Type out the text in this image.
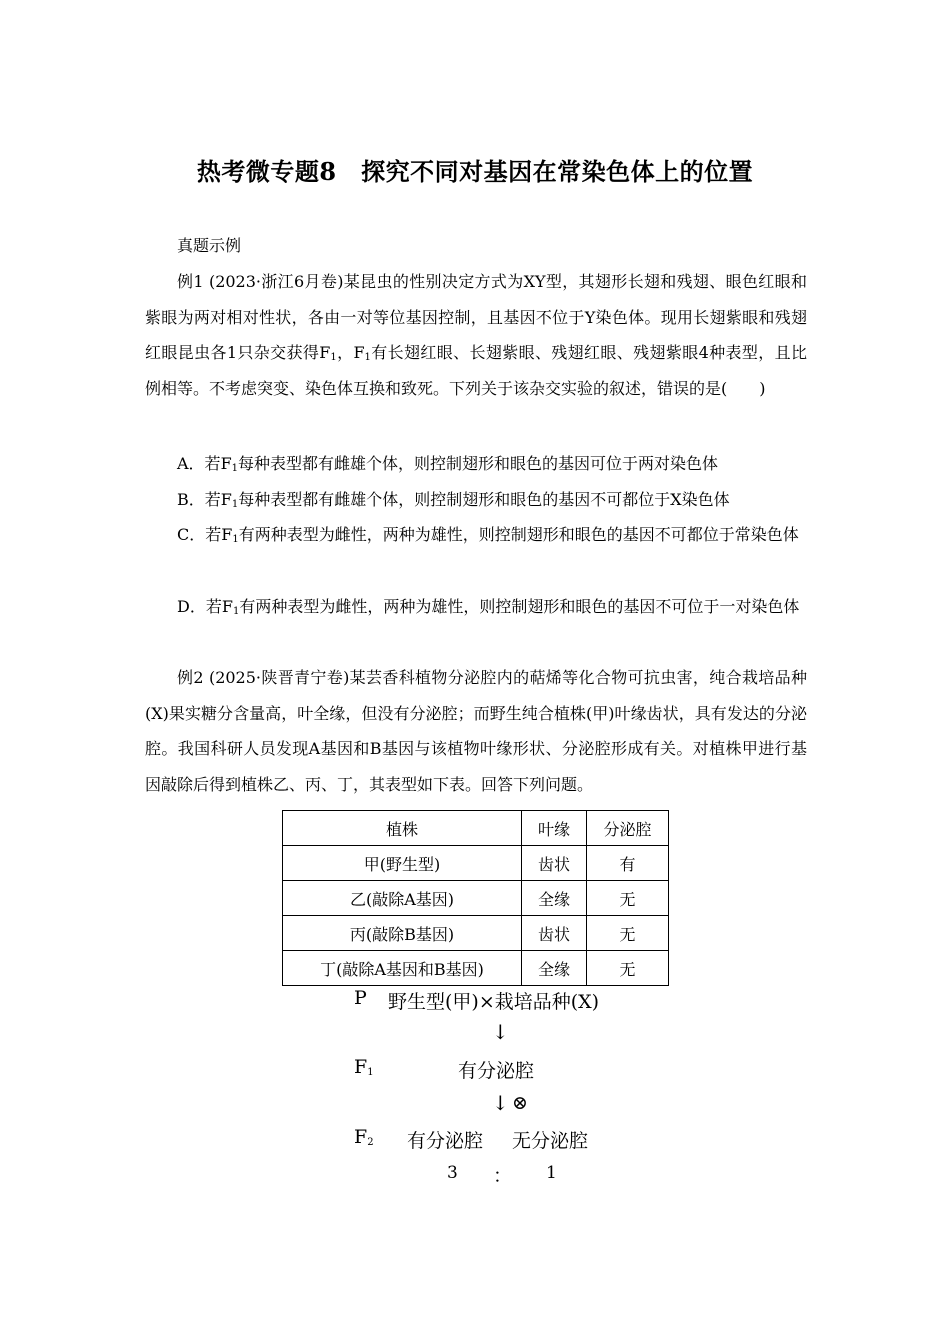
热考微专题8　探究不同对基因在常染色体上的位置
真题示例
例1 (2023·浙江6月卷)某昆虫的性别决定方式为XY型，其翅形长翅和残翅、眼色红眼和紫眼为两对相对性状，各由一对等位基因控制，且基因不位于Y染色体。现用长翅紫眼和残翅红眼昆虫各1只杂交获得$F_1$，$F_1$有长翅红眼、长翅紫眼、残翅红眼、残翅紫眼4种表型，且比例相等。不考虑突变、染色体互换和致死。下列关于该杂交实验的叙述，错误的是(　　)
A．若$F_1$每种表型都有雌雄个体，则控制翅形和眼色的基因可位于两对染色体
B．若$F_1$每种表型都有雌雄个体，则控制翅形和眼色的基因不可都位于X染色体
C．若$F_1$有两种表型为雌性，两种为雄性，则控制翅形和眼色的基因不可都位于常染色体
D．若$F_1$有两种表型为雌性，两种为雄性，则控制翅形和眼色的基因不可位于一对染色体
例2 (2025·陕晋青宁卷)某芸香科植物分泌腔内的萜烯等化合物可抗虫害，纯合栽培品种(X)果实糖分含量高，叶全缘，但没有分泌腔；而野生纯合植株(甲)叶缘齿状，具有发达的分泌腔。我国科研人员发现A基因和B基因与该植物叶缘形状、分泌腔形成有关。对植株甲进行基因敲除后得到植株乙、丙、丁，其表型如下表。回答下列问题。
植株	叶缘	分泌腔
甲(野生型)	齿状	有
乙(敲除A基因)	全缘	无
丙(敲除B基因)	齿状	无
丁(敲除A基因和B基因)	全缘	无
P 野生型(甲)×栽培品种(X)
↓
$F_1$	有分泌腔
↓ ⊗
$F_2$ 有分泌腔 无分泌腔
3 ： 1
